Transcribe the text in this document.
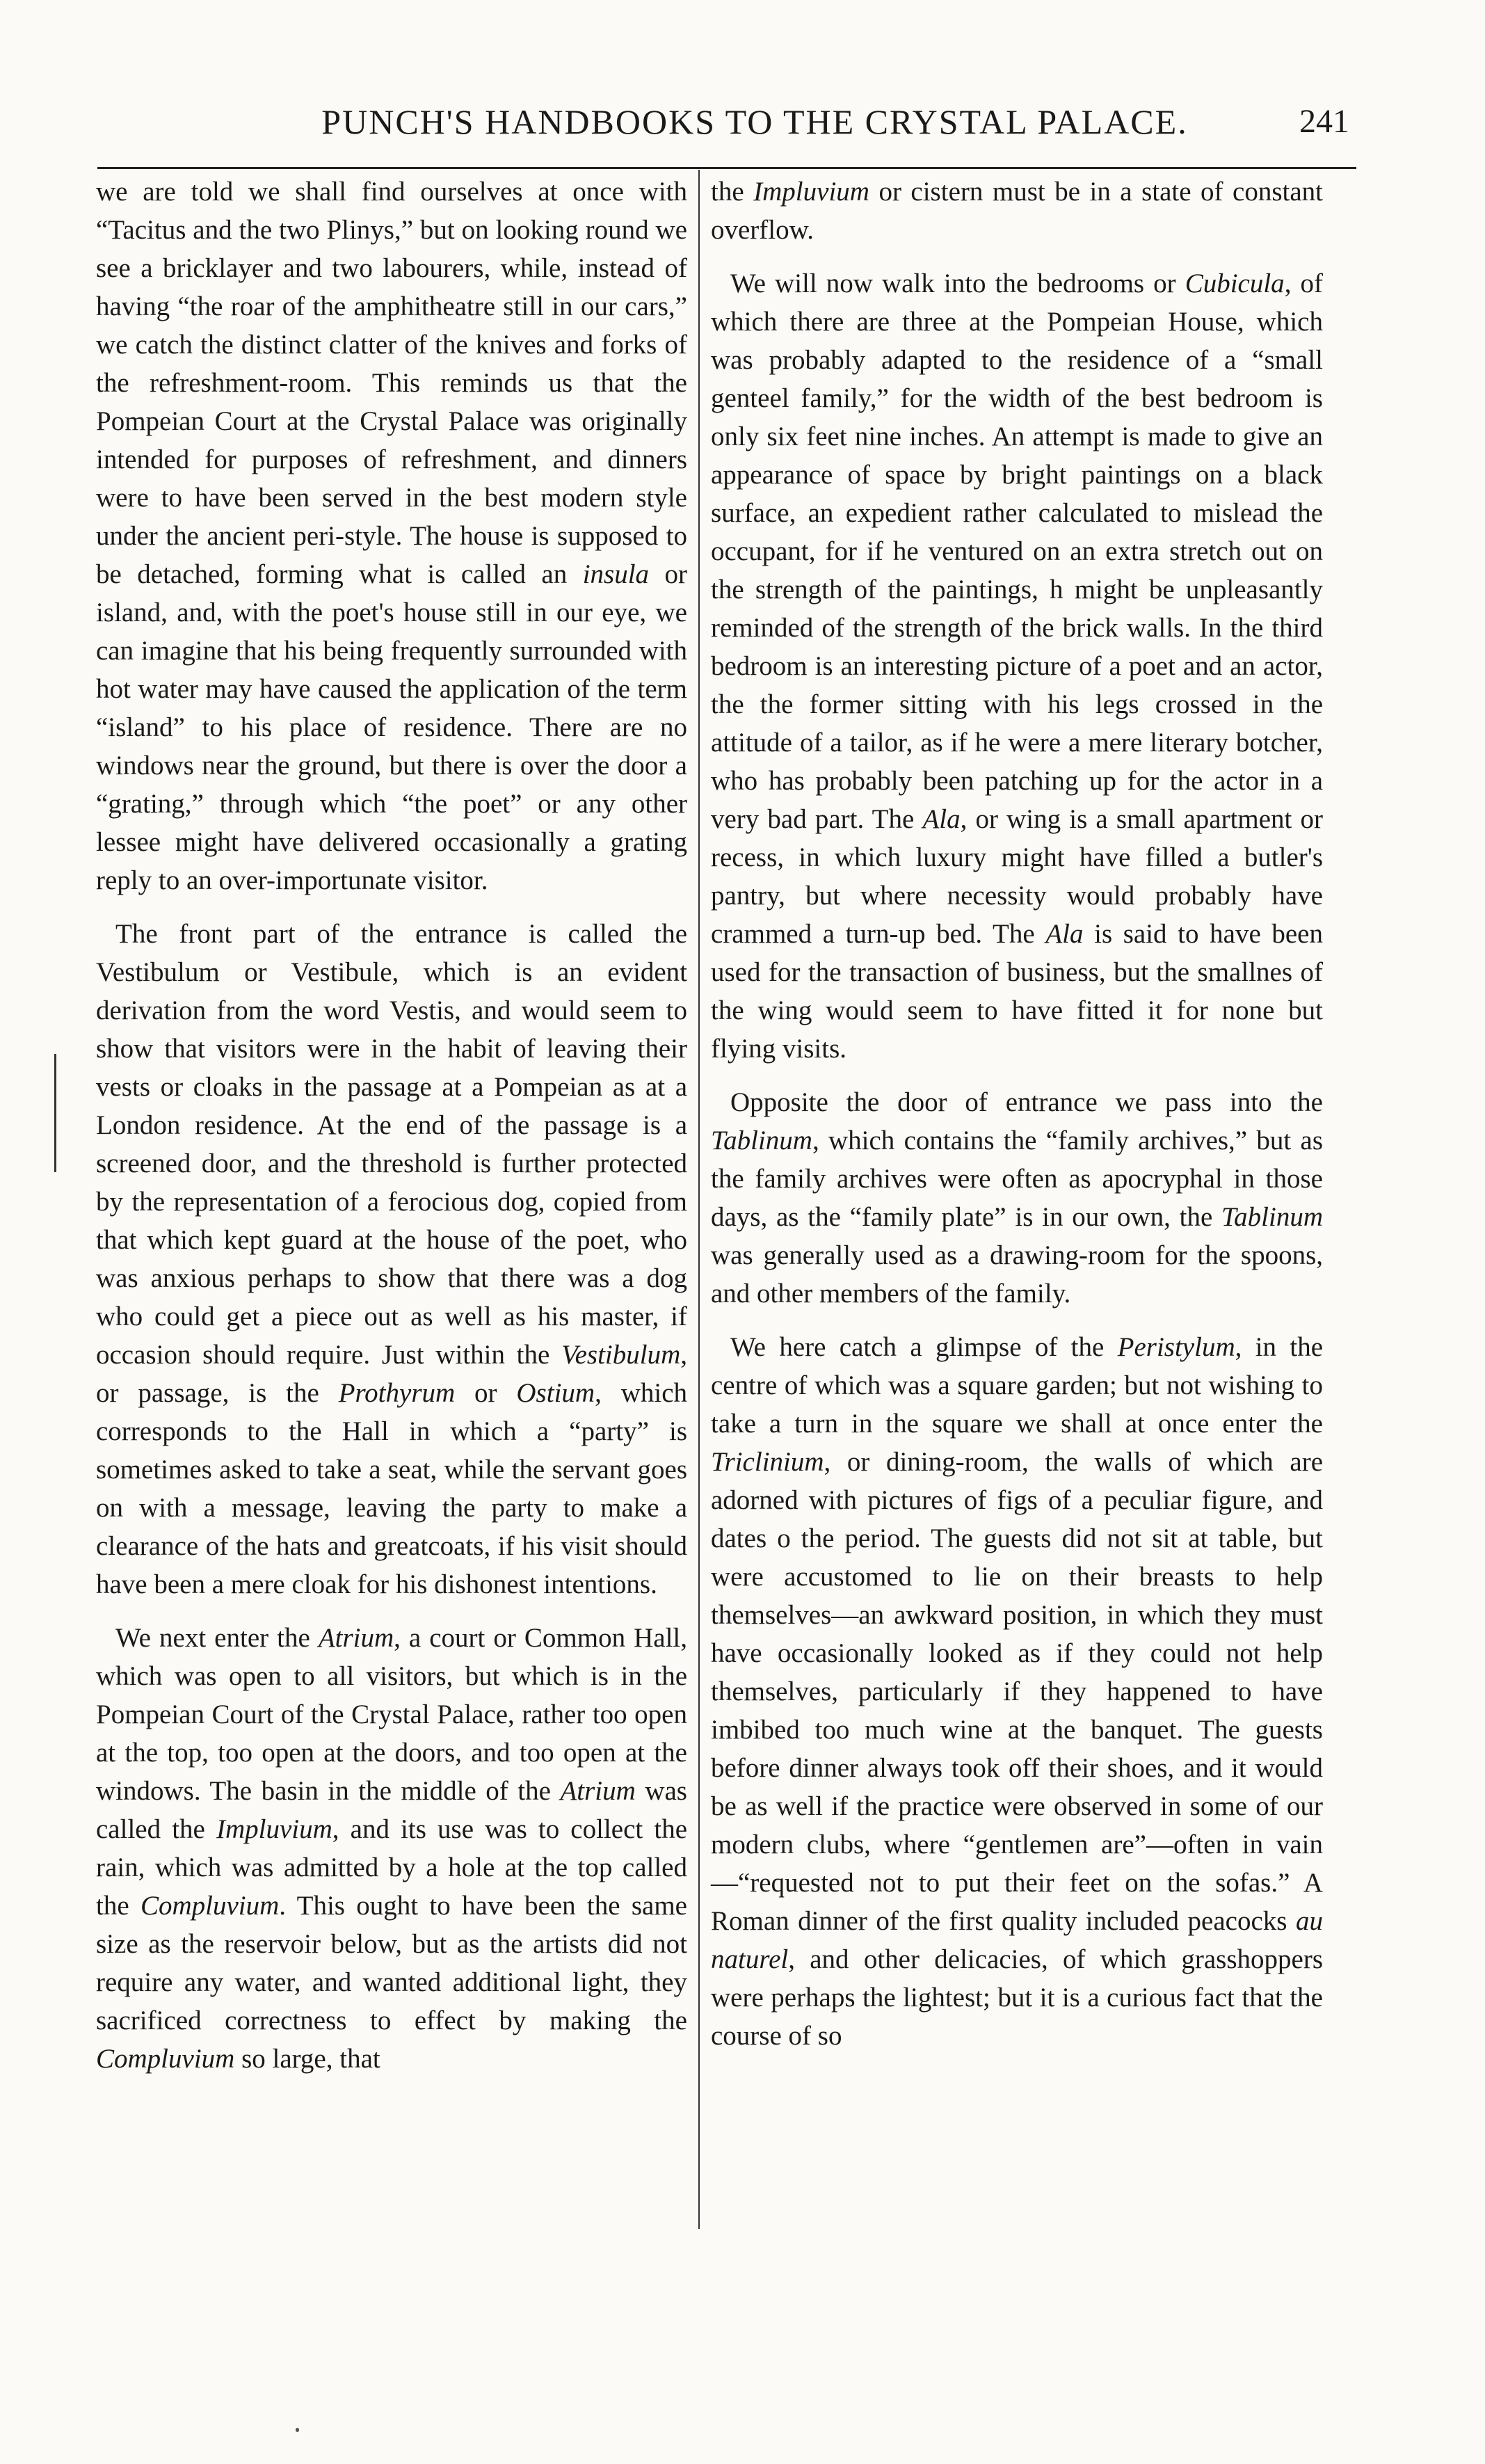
PUNCH'S HANDBOOKS TO THE CRYSTAL PALACE.	241

we are told we shall find ourselves at once with “Tacitus and the two Plinys,” but on looking round we see a bricklayer and two labourers, while, instead of having “the roar of the amphitheatre still in our cars,” we catch the distinct clatter of the knives and forks of the refreshment-room. This reminds us that the Pompeian Court at the Crystal Palace was originally intended for purposes of refreshment, and dinners were to have been served in the best modern style under the ancient peri-style. The house is supposed to be detached, forming what is called an insula or island, and, with the poet's house still in our eye, we can imagine that his being frequently surrounded with hot water may have caused the application of the term “island” to his place of residence. There are no windows near the ground, but there is over the door a “grating,” through which “the poet” or any other lessee might have delivered occasionally a grating reply to an over-importunate visitor.

The front part of the entrance is called the Vestibulum or Vestibule, which is an evident derivation from the word Vestis, and would seem to show that visitors were in the habit of leaving their vests or cloaks in the passage at a Pompeian as at a London residence. At the end of the passage is a screened door, and the threshold is further protected by the representation of a ferocious dog, copied from that which kept guard at the house of the poet, who was anxious perhaps to show that there was a dog who could get a piece out as well as his master, if occasion should require. Just within the Vestibulum, or passage, is the Prothyrum or Ostium, which corresponds to the Hall in which a “party” is sometimes asked to take a seat, while the servant goes on with a message, leaving the party to make a clearance of the hats and greatcoats, if his visit should have been a mere cloak for his dishonest intentions.

We next enter the Atrium, a court or Common Hall, which was open to all visitors, but which is in the Pompeian Court of the Crystal Palace, rather too open at the top, too open at the doors, and too open at the windows. The basin in the middle of the Atrium was called the Impluvium, and its use was to collect the rain, which was admitted by a hole at the top called the Compluvium. This ought to have been the same size as the reservoir below, but as the artists did not require any water, and wanted additional light, they sacrificed correctness to effect by making the Compluvium so large, that

the Impluvium or cistern must be in a state of constant overflow.

We will now walk into the bedrooms or Cubicula, of which there are three at the Pompeian House, which was probably adapted to the residence of a “small genteel family,” for the width of the best bedroom is only six feet nine inches. An attempt is made to give an appearance of space by bright paintings on a black surface, an expedient rather calculated to mislead the occupant, for if he ventured on an extra stretch out on the strength of the paintings, h might be unpleasantly reminded of the strength of the brick walls. In the third bedroom is an interesting picture of a poet and an actor, the the former sitting with his legs crossed in the attitude of a tailor, as if he were a mere literary botcher, who has probably been patching up for the actor in a very bad part. The Ala, or wing is a small apartment or recess, in which luxury might have filled a butler's pantry, but where necessity would probably have crammed a turn-up bed. The Ala is said to have been used for the transaction of business, but the smallnes of the wing would seem to have fitted it for none but flying visits.

Opposite the door of entrance we pass into the Tablinum, which contains the “family archives,” but as the family archives were often as apocryphal in those days, as the “family plate” is in our own, the Tablinum was generally used as a drawing-room for the spoons, and other members of the family.

We here catch a glimpse of the Peristylum, in the centre of which was a square garden; but not wishing to take a turn in the square we shall at once enter the Triclinium, or dining-room, the walls of which are adorned with pictures of figs of a peculiar figure, and dates o the period. The guests did not sit at table, but were accustomed to lie on their breasts to help themselves—an awkward position, in which they must have occasionally looked as if they could not help themselves, particularly if they happened to have imbibed too much wine at the banquet. The guests before dinner always took off their shoes, and it would be as well if the practice were observed in some of our modern clubs, where “gentlemen are”—often in vain—“requested not to put their feet on the sofas.” A Roman dinner of the first quality included peacocks au naturel, and other delicacies, of which grasshoppers were perhaps the lightest; but it is a curious fact that the course of so
